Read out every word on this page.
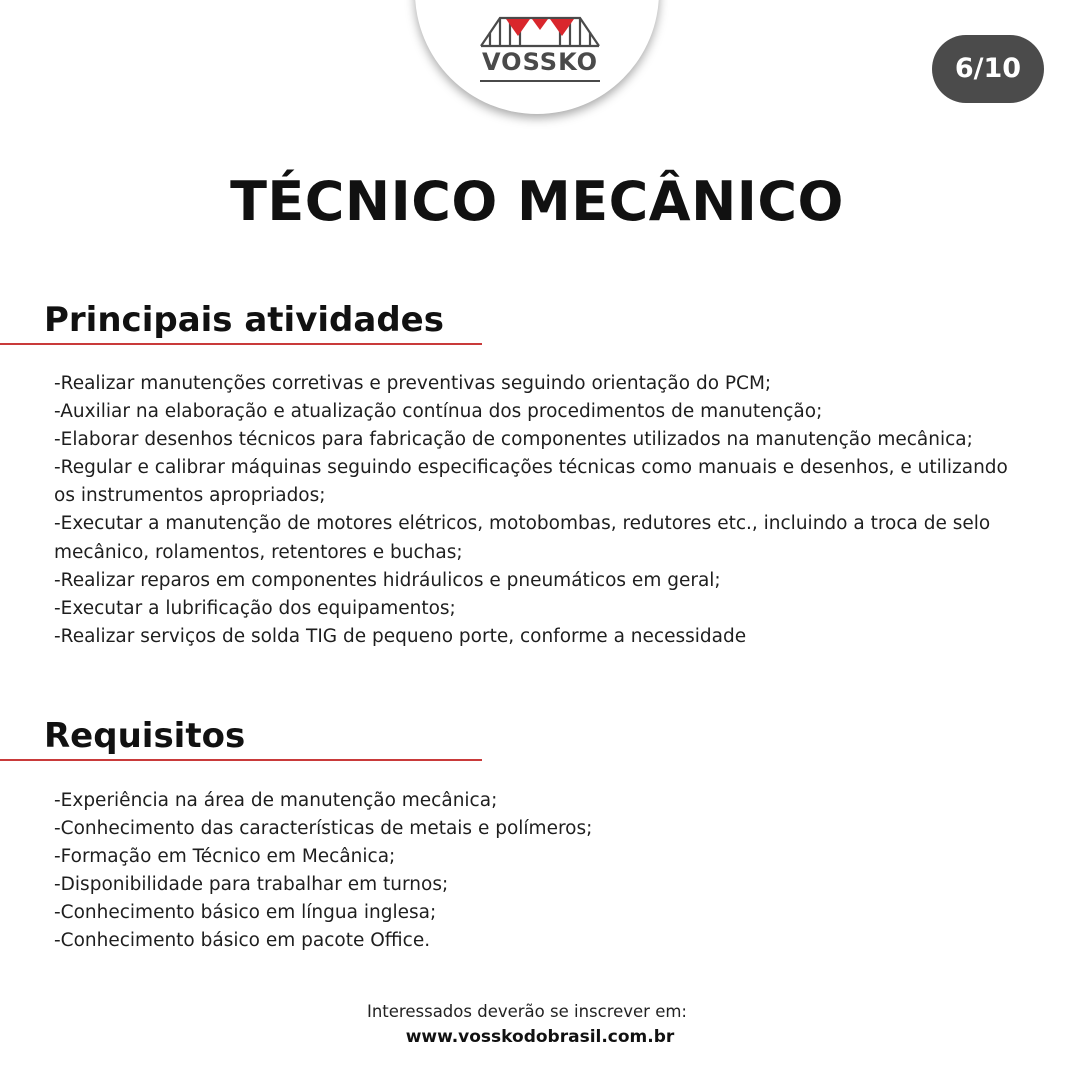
VOSSKO	6/10
TÉCNICO MECÂNICO
Principais atividades
-Realizar manutenções corretivas e preventivas seguindo orientação do PCM;
-Auxiliar na elaboração e atualização contínua dos procedimentos de manutenção;
-Elaborar desenhos técnicos para fabricação de componentes utilizados na manutenção mecânica;
-Regular e calibrar máquinas seguindo especificações técnicas como manuais e desenhos, e utilizando os instrumentos apropriados;
-Executar a manutenção de motores elétricos, motobombas, redutores etc., incluindo a troca de selo mecânico, rolamentos, retentores e buchas;
-Realizar reparos em componentes hidráulicos e pneumáticos em geral;
-Executar a lubrificação dos equipamentos;
-Realizar serviços de solda TIG de pequeno porte, conforme a necessidade
Requisitos
-Experiência na área de manutenção mecânica;
-Conhecimento das características de metais e polímeros;
-Formação em Técnico em Mecânica;
-Disponibilidade para trabalhar em turnos;
-Conhecimento básico em língua inglesa;
-Conhecimento básico em pacote Office.
Interessados deverão se inscrever em:
www.vosskodobrasil.com.br
